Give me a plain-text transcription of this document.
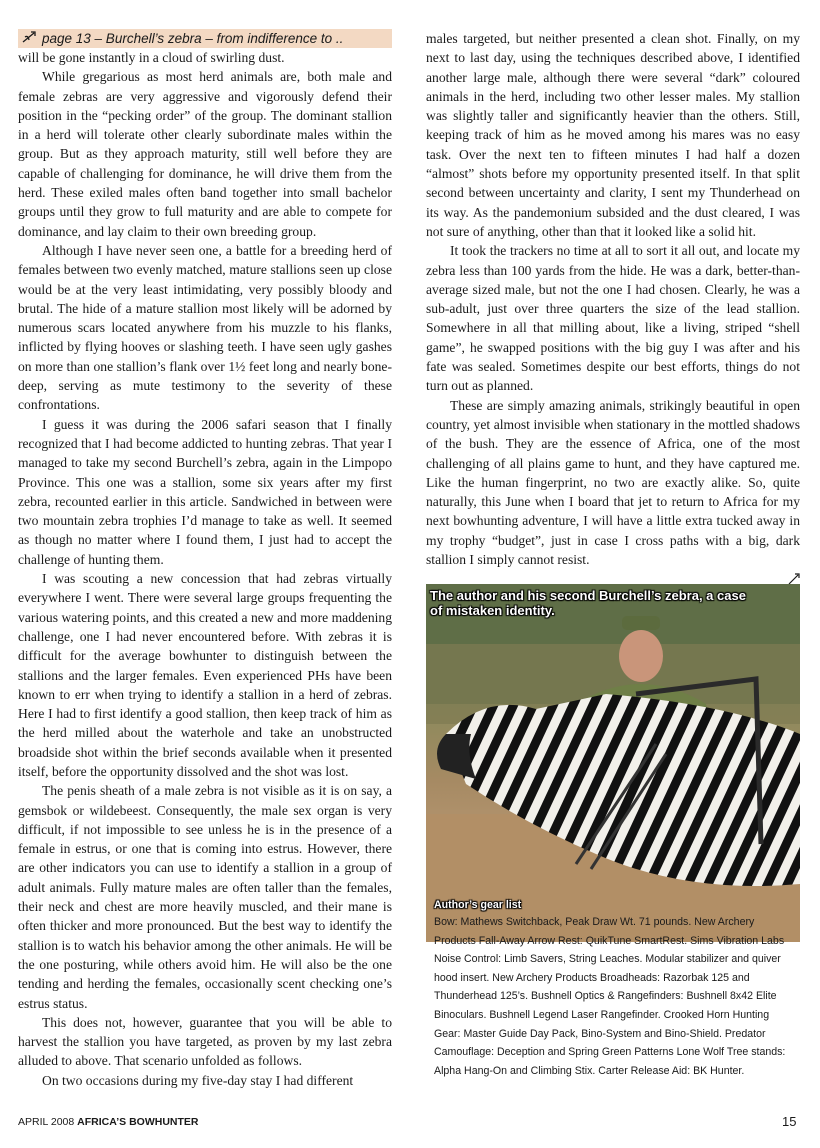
page 13 – Burchell’s zebra – from indifference to ..

will be gone instantly in a cloud of swirling dust.

While gregarious as most herd animals are, both male and female zebras are very aggressive and vigorously defend their position in the “pecking order” of the group. The dominant stallion in a herd will tolerate other clearly subordinate males within the group. But as they approach maturity, still well before they are capable of challenging for dominance, he will drive them from the herd. These exiled males often band together into small bachelor groups until they grow to full maturity and are able to compete for dominance, and lay claim to their own breeding group.

Although I have never seen one, a battle for a breeding herd of females between two evenly matched, mature stallions seen up close would be at the very least intimidating, very possibly bloody and brutal. The hide of a mature stallion most likely will be adorned by numerous scars located anywhere from his muzzle to his flanks, inflicted by flying hooves or slashing teeth. I have seen ugly gashes on more than one stallion’s flank over 1½ feet long and nearly bone-deep, serving as mute testimony to the severity of these confrontations.

I guess it was during the 2006 safari season that I finally recognized that I had become addicted to hunting zebras. That year I managed to take my second Burchell’s zebra, again in the Limpopo Province. This one was a stallion, some six years after my first zebra, recounted earlier in this article. Sandwiched in between were two mountain zebra trophies I’d manage to take as well. It seemed as though no matter where I found them, I just had to accept the challenge of hunting them.

I was scouting a new concession that had zebras virtually everywhere I went. There were several large groups frequenting the various watering points, and this created a new and more maddening challenge, one I had never encountered before. With zebras it is difficult for the average bowhunter to distinguish between the stallions and the larger females. Even experienced PHs have been known to err when trying to identify a stallion in a herd of zebras. Here I had to first identify a good stallion, then keep track of him as the herd milled about the waterhole and take an unobstructed broadside shot within the brief seconds available when it presented itself, before the opportunity dissolved and the shot was lost.

The penis sheath of a male zebra is not visible as it is on say, a gemsbok or wildebeest. Consequently, the male sex organ is very difficult, if not impossible to see unless he is in the presence of a female in estrus, or one that is coming into estrus. However, there are other indicators you can use to identify a stallion in a group of adult animals. Fully mature males are often taller than the females, their neck and chest are more heavily muscled, and their mane is often thicker and more pronounced. But the best way to identify the stallion is to watch his behavior among the other animals. He will be the one posturing, while others avoid him. He will also be the one tending and herding the females, occasionally scent checking one’s estrus status.

This does not, however, guarantee that you will be able to harvest the stallion you have targeted, as proven by my last zebra alluded to above. That scenario unfolded as follows.

On two occasions during my five-day stay I had different

males targeted, but neither presented a clean shot. Finally, on my next to last day, using the techniques described above, I identified another large male, although there were several “dark” coloured animals in the herd, including two other lesser males. My stallion was slightly taller and significantly heavier than the others. Still, keeping track of him as he moved among his mares was no easy task. Over the next ten to fifteen minutes I had half a dozen “almost” shots before my opportunity presented itself. In that split second between uncertainty and clarity, I sent my Thunderhead on its way. As the pandemonium subsided and the dust cleared, I was not sure of anything, other than that it looked like a solid hit.

It took the trackers no time at all to sort it all out, and locate my zebra less than 100 yards from the hide. He was a dark, better-than-average sized male, but not the one I had chosen. Clearly, he was a sub-adult, just over three quarters the size of the lead stallion. Somewhere in all that milling about, like a living, striped “shell game”, he swapped positions with the big guy I was after and his fate was sealed. Sometimes despite our best efforts, things do not turn out as planned.

These are simply amazing animals, strikingly beautiful in open country, yet almost invisible when stationary in the mottled shadows of the bush. They are the essence of Africa, one of the most challenging of all plains game to hunt, and they have captured me. Like the human fingerprint, no two are exactly alike. So, quite naturally, this June when I board that jet to return to Africa for my next bowhunting adventure, I will have a little extra tucked away in my trophy “budget”, just in case I cross paths with a big, dark stallion I simply cannot resist.

The author and his second Burchell’s zebra, a case of mistaken identity.
Author’s gear list
Bow: Mathews Switchback, Peak Draw Wt. 71 pounds. New Archery Products Fall-Away Arrow Rest: QuikTune SmartRest. Sims Vibration Labs Noise Control: Limb Savers, String Leaches. Modular stabilizer and quiver hood insert. New Archery Products Broadheads: Razorbak 125 and Thunderhead 125’s. Bushnell Optics & Rangefinders: Bushnell 8x42 Elite Binoculars. Bushnell Legend Laser Rangefinder. Crooked Horn Hunting Gear: Master Guide Day Pack, Bino-System and Bino-Shield. Predator Camouflage: Deception and Spring Green Patterns Lone Wolf Tree stands: Alpha Hang-On and Climbing Stix. Carter Release Aid: BK Hunter.
APRIL 2008 AFRICA’S BOWHUNTER	15
